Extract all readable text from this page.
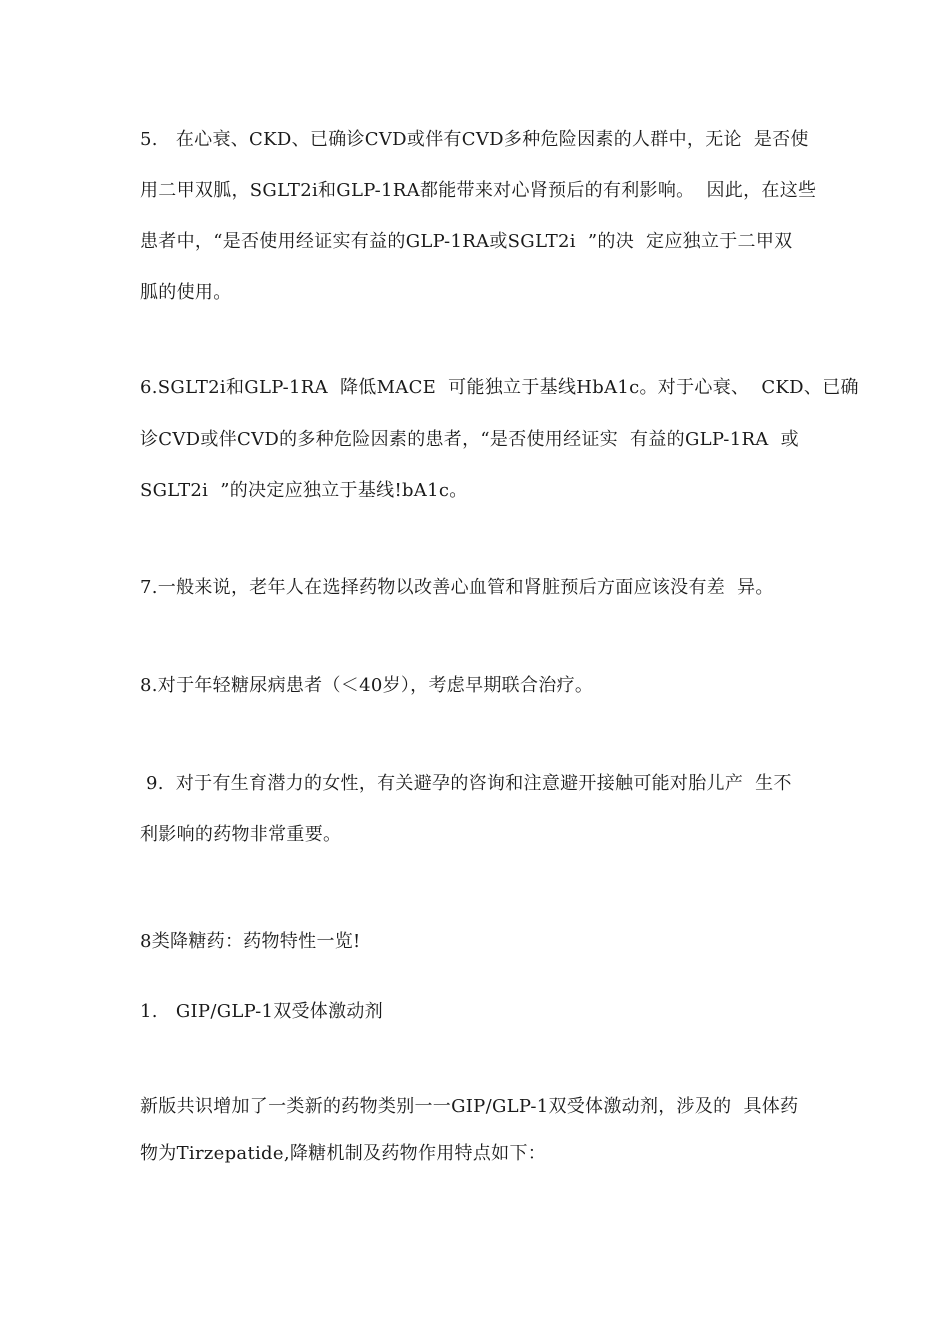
5.   在心衰、CKD、已确诊CVD或伴有CVD多种危险因素的人群中，无论  是否使
用二甲双胍，SGLT2i和GLP-1RA都能带来对心肾预后的有利影响。  因此，在这些
患者中，“是否使用经证实有益的GLP-1RA或SGLT2i  ”的决  定应独立于二甲双
胍的使用。
6.SGLT2i和GLP-1RA  降低MACE  可能独立于基线HbA1c。对于心衰、  CKD、已确
诊CVD或伴CVD的多种危险因素的患者，“是否使用经证实  有益的GLP-1RA  或
SGLT2i  ”的决定应独立于基线!bA1c。
7.一般来说，老年人在选择药物以改善心血管和肾脏预后方面应该没有差  异。
8.对于年轻糖尿病患者（＜40岁），考虑早期联合治疗。
9.  对于有生育潜力的女性，有关避孕的咨询和注意避开接触可能对胎儿产  生不
利影响的药物非常重要。
8类降糖药：药物特性一览!
1.   GIP/GLP-1双受体激动剂
新版共识增加了一类新的药物类别一一GIP/GLP-1双受体激动剂，涉及的  具体药
物为Tirzepatide,降糖机制及药物作用特点如下：
